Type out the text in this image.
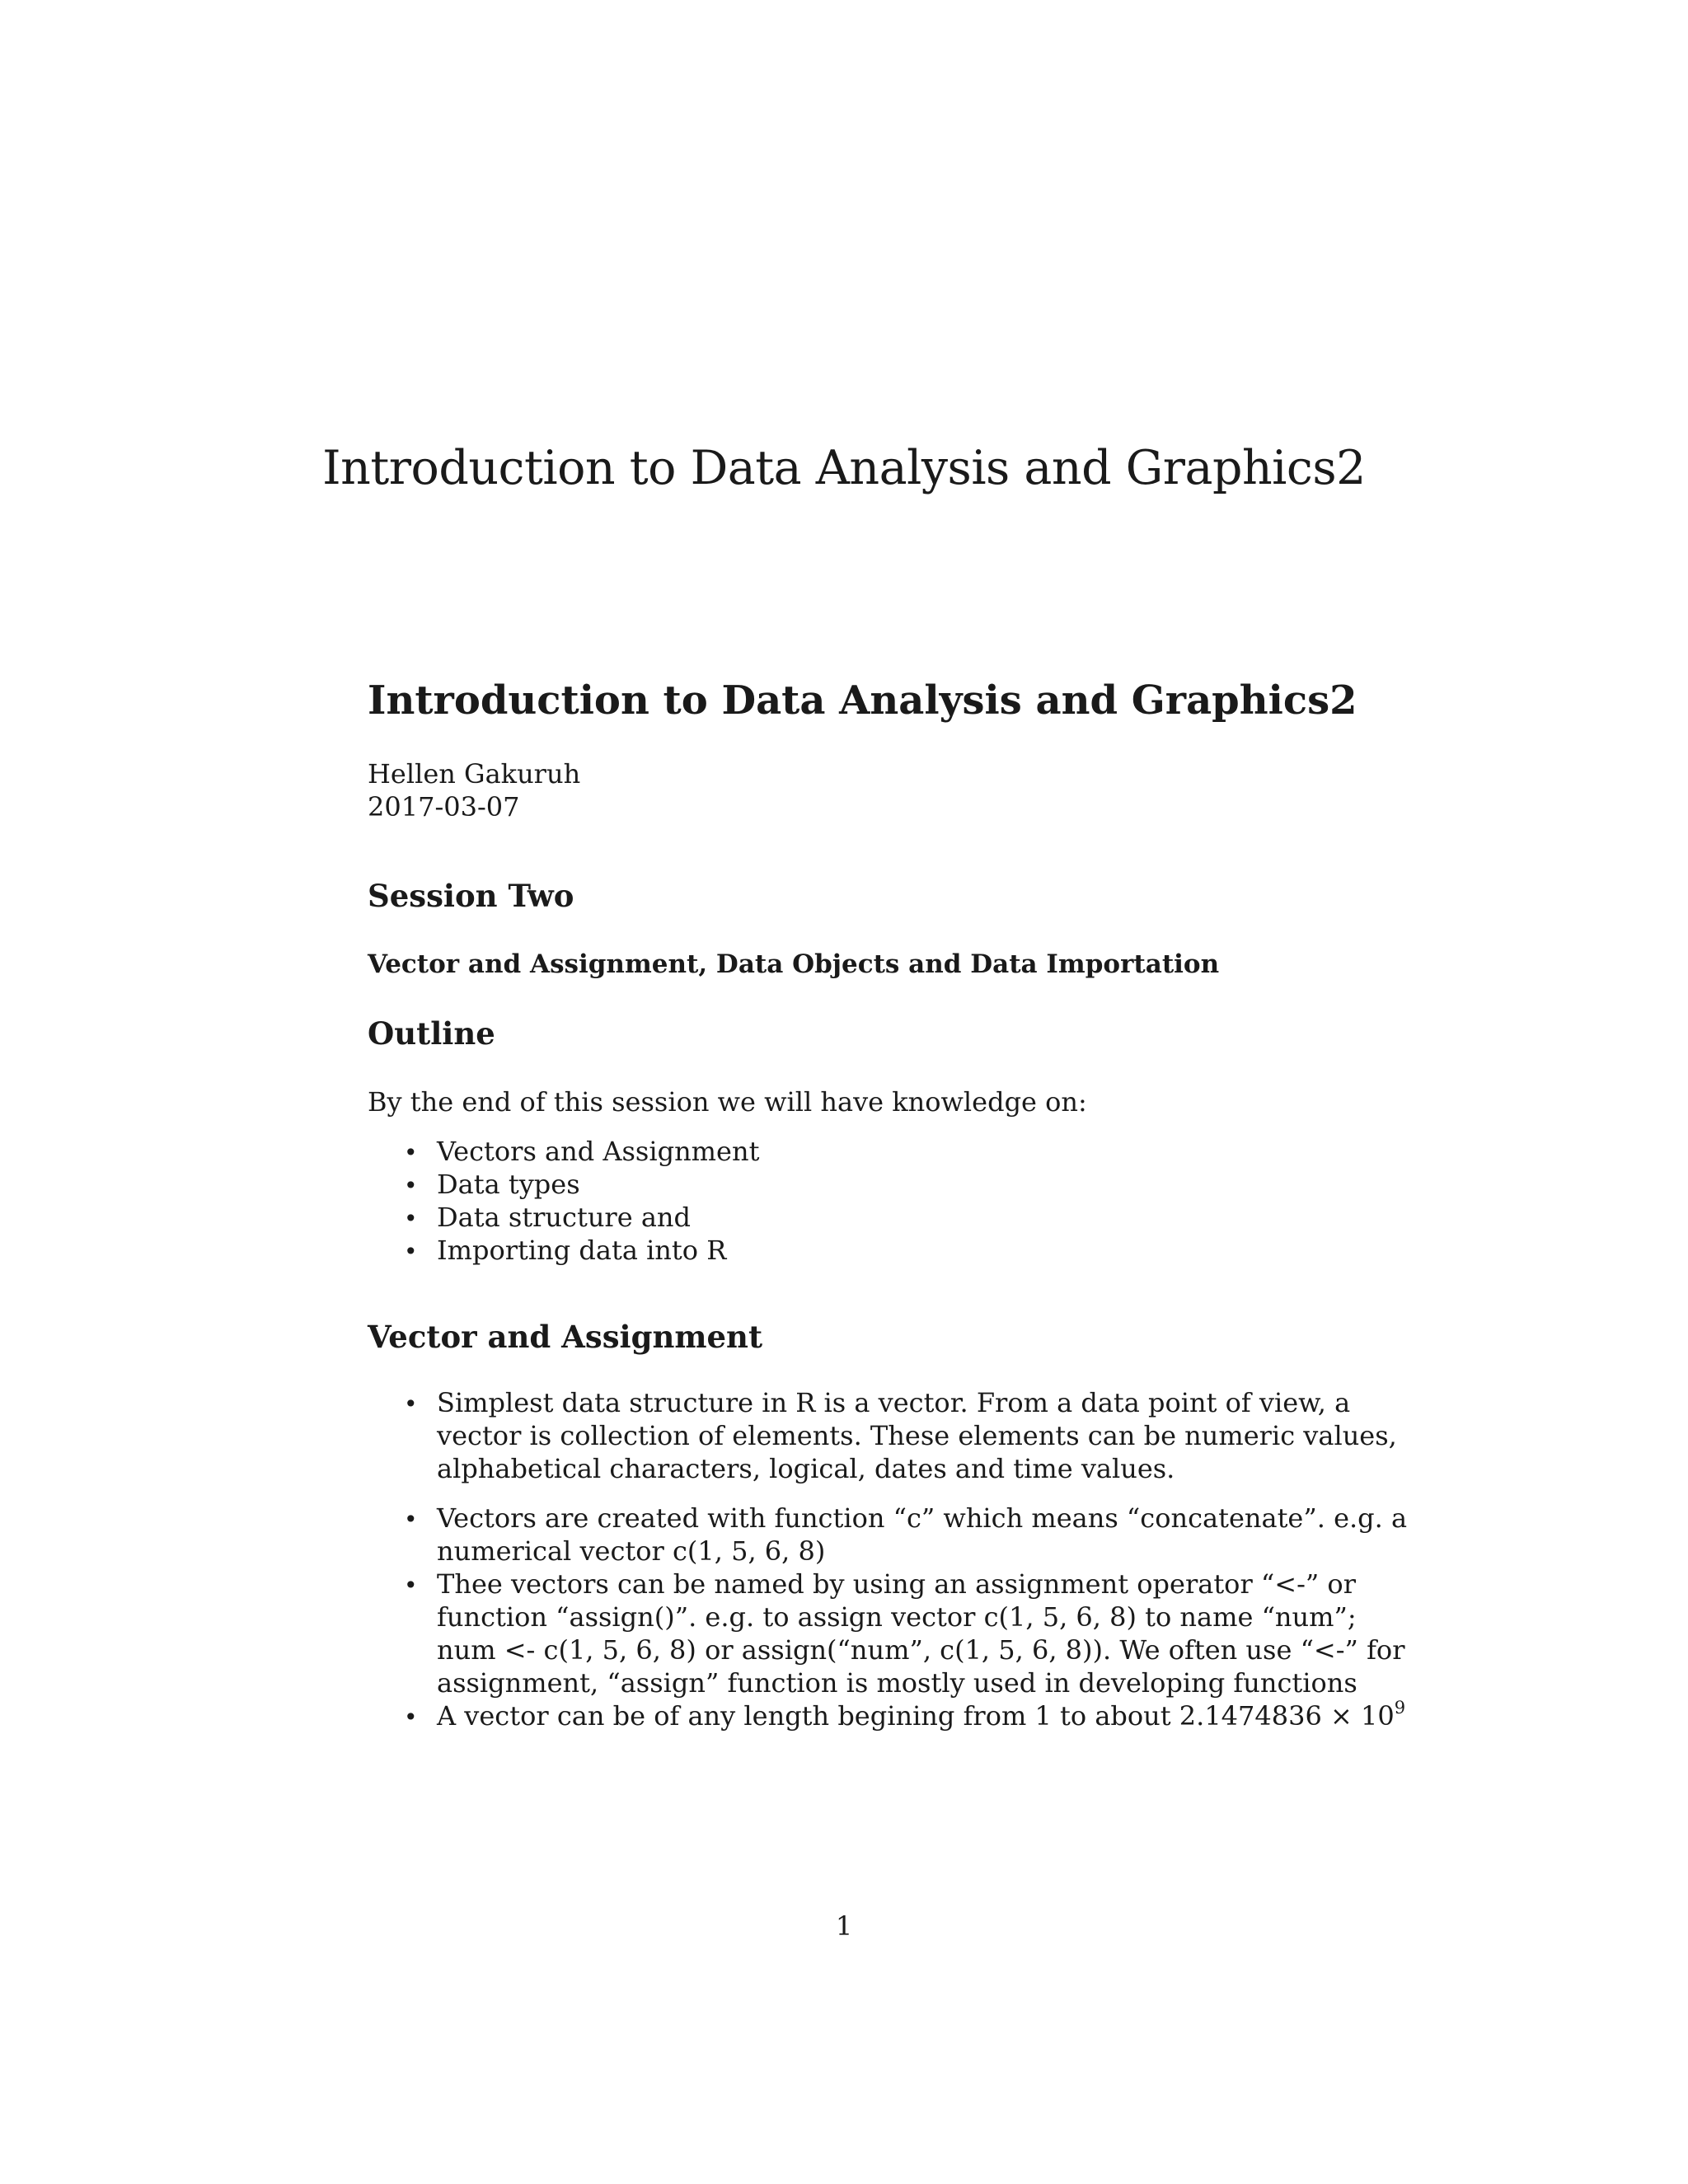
Introduction to Data Analysis and Graphics2
Introduction to Data Analysis and Graphics2
Hellen Gakuruh
2017-03-07
Session Two
Vector and Assignment, Data Objects and Data Importation
Outline
By the end of this session we will have knowledge on:
• Vectors and Assignment
• Data types
• Data structure and
• Importing data into R
Vector and Assignment
• Simplest data structure in R is a vector. From a data point of view, a
vector is collection of elements. These elements can be numeric values,
alphabetical characters, logical, dates and time values.
• Vectors are created with function “c” which means “concatenate”. e.g. a
numerical vector c(1, 5, 6, 8)
• Thee vectors can be named by using an assignment operator “<-” or
function “assign()”. e.g. to assign vector c(1, 5, 6, 8) to name “num”;
num <- c(1, 5, 6, 8) or assign(“num”, c(1, 5, 6, 8)). We often use “<-” for
assignment, “assign” function is mostly used in developing functions
• A vector can be of any length begining from 1 to about $2.1474836 \times 10^9$
1
